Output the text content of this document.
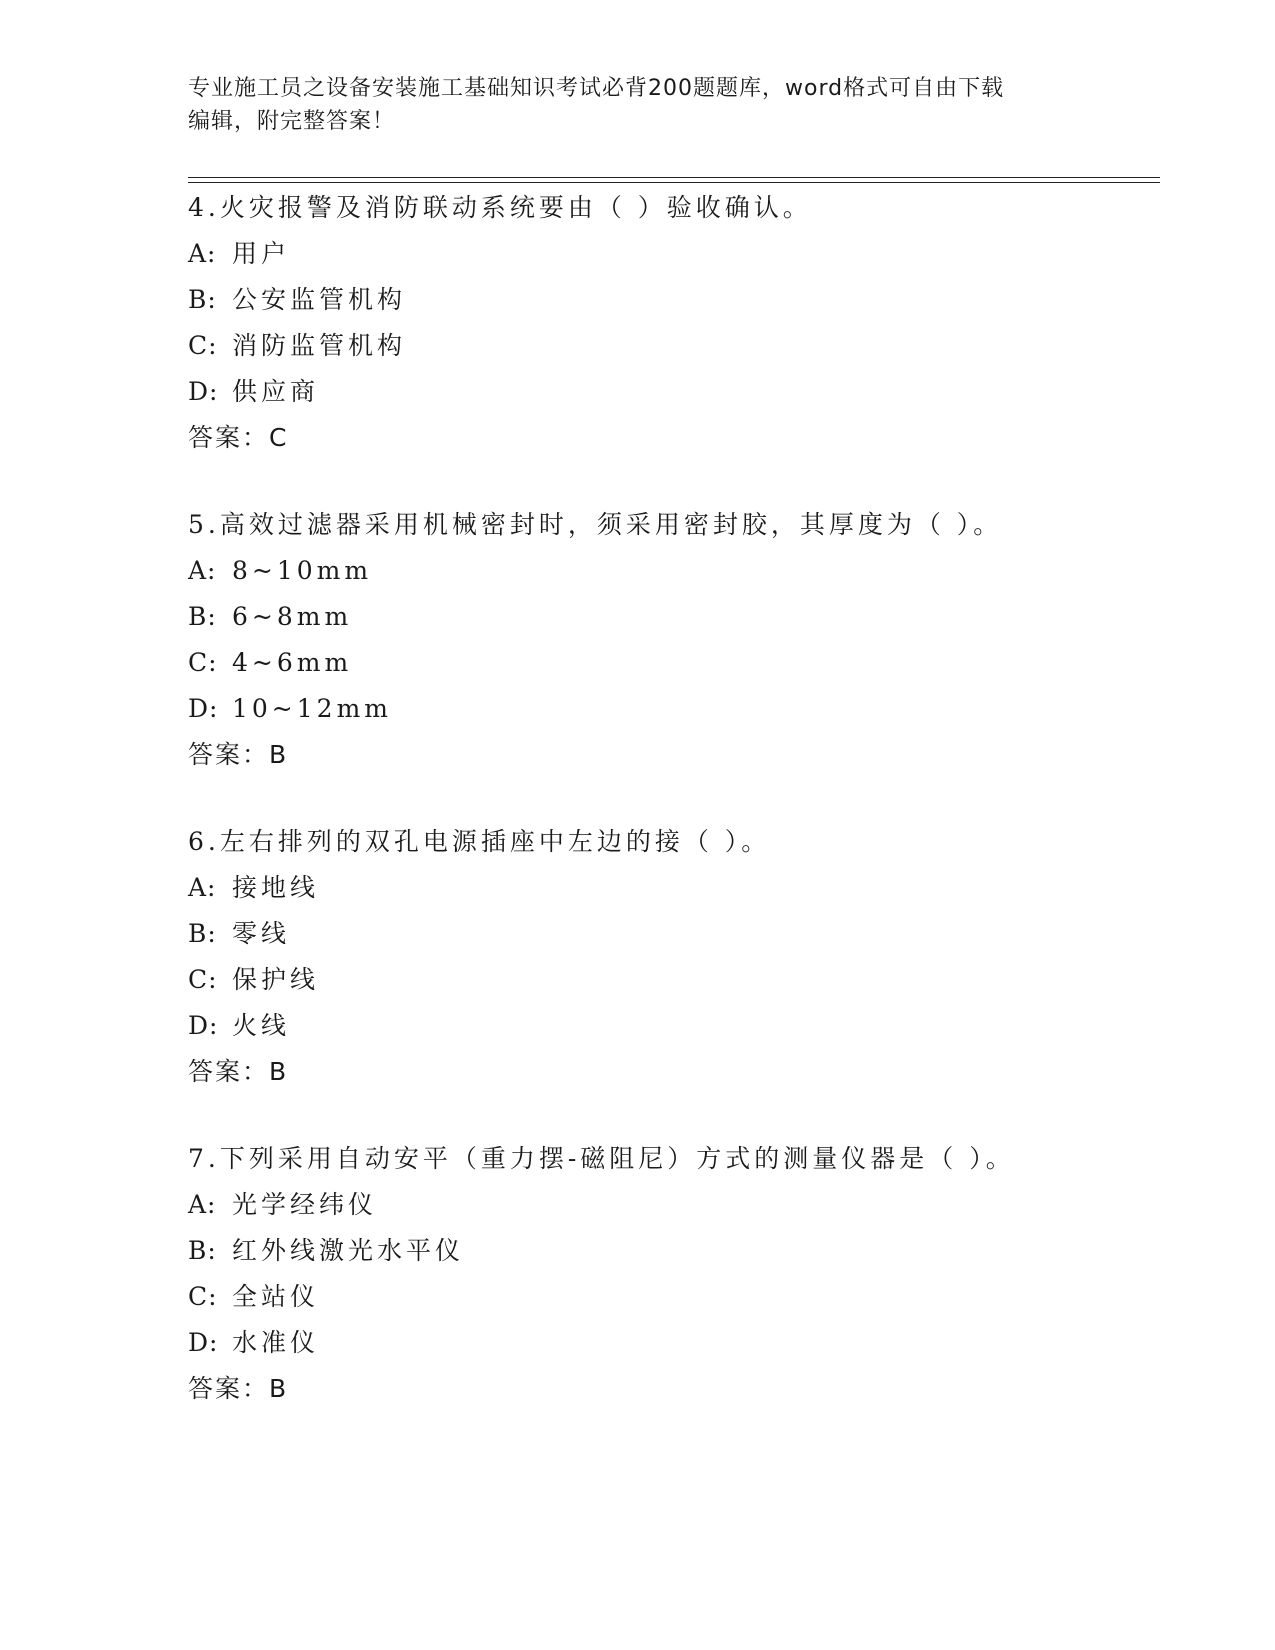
专业施工员之设备安装施工基础知识考试必背200题题库，word格式可自由下载
编辑，附完整答案！
4.火灾报警及消防联动系统要由（ ）验收确认。
A: 用户
B: 公安监管机构
C: 消防监管机构
D: 供应商
答案：C
5.高效过滤器采用机械密封时，须采用密封胶，其厚度为（ ）。
A: 8~10mm
B: 6~8mm
C: 4~6mm
D: 10~12mm
答案：B
6.左右排列的双孔电源插座中左边的接（ ）。
A: 接地线
B: 零线
C: 保护线
D: 火线
答案：B
7.下列采用自动安平（重力摆-磁阻尼）方式的测量仪器是（ ）。
A: 光学经纬仪
B: 红外线激光水平仪
C: 全站仪
D: 水准仪
答案：B
